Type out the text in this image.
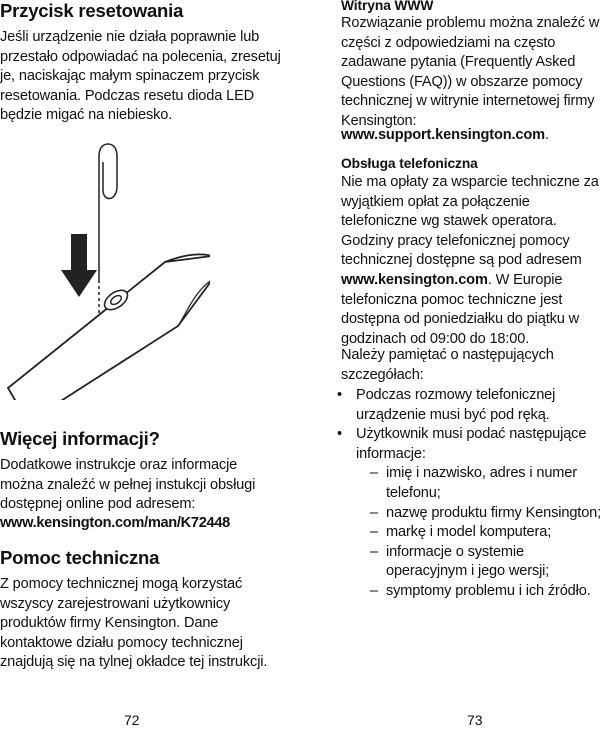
Przycisk resetowania

Jeśli urządzenie nie działa poprawnie lub przestało odpowiadać na polecenia, zresetuj je, naciskając małym spinaczem przycisk resetowania. Podczas resetu dioda LED będzie migać na niebiesko.

Więcej informacji?

Dodatkowe instrukcje oraz informacje można znaleźć w pełnej instukcji obsługi dostępnej online pod adresem:

www.kensington.com/man/K72448

Pomoc techniczna

Z pomocy technicznej mogą korzystać wszyscy zarejestrowani użytkownicy produktów firmy Kensington. Dane kontaktowe działu pomocy technicznej znajdują się na tylnej okładce tej instrukcji.

Witryna WWW

Rozwiązanie problemu można znaleźć w części z odpowiedziami na często zadawane pytania (Frequently Asked Questions (FAQ)) w obszarze pomocy technicznej w witrynie internetowej firmy Kensington:

www.support.kensington.com.

Obsługa telefoniczna

Nie ma opłaty za wsparcie techniczne za wyjątkiem opłat za połączenie telefoniczne wg stawek operatora. Godziny pracy telefonicznej pomocy technicznej dostępne są pod adresem www.kensington.com. W Europie telefoniczna pomoc techniczne jest dostępna od poniedziałku do piątku w godzinach od 09:00 do 18:00.

Należy pamiętać o następujących szczegółach:

• Podczas rozmowy telefonicznej urządzenie musi być pod ręką.
• Użytkownik musi podać następujące informacje:
– imię i nazwisko, adres i numer telefonu;
– nazwę produktu firmy Kensington;
– markę i model komputera;
– informacje o systemie operacyjnym i jego wersji;
– symptomy problemu i ich źródło.
72	73
